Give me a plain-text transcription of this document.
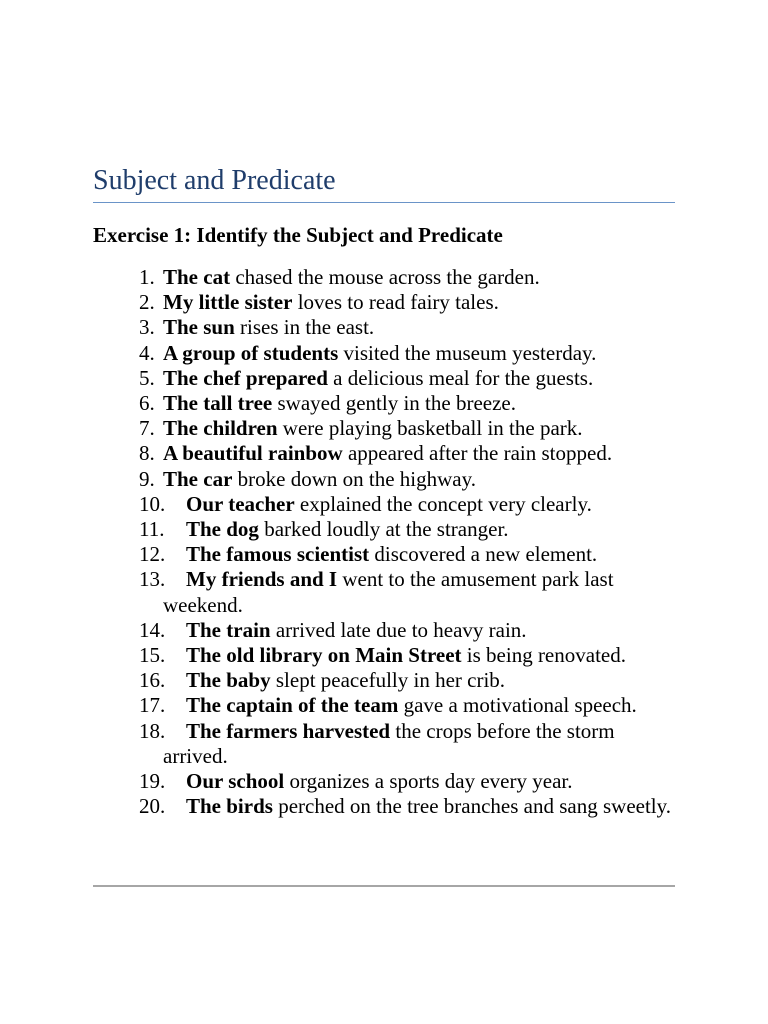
Subject and Predicate
Exercise 1: Identify the Subject and Predicate
1. The cat chased the mouse across the garden.
2. My little sister loves to read fairy tales.
3. The sun rises in the east.
4. A group of students visited the museum yesterday.
5. The chef prepared a delicious meal for the guests.
6. The tall tree swayed gently in the breeze.
7. The children were playing basketball in the park.
8. A beautiful rainbow appeared after the rain stopped.
9. The car broke down on the highway.
10. Our teacher explained the concept very clearly.
11.	The dog barked loudly at the stranger.
12. The famous scientist discovered a new element.
13. My friends and I went to the amusement park last weekend.
14. The train arrived late due to heavy rain.
15. The old library on Main Street is being renovated.
16. The baby slept peacefully in her crib.
17. The captain of the team gave a motivational speech.
18. The farmers harvested the crops before the storm arrived.
19. Our school organizes a sports day every year.
20. The birds perched on the tree branches and sang sweetly.
